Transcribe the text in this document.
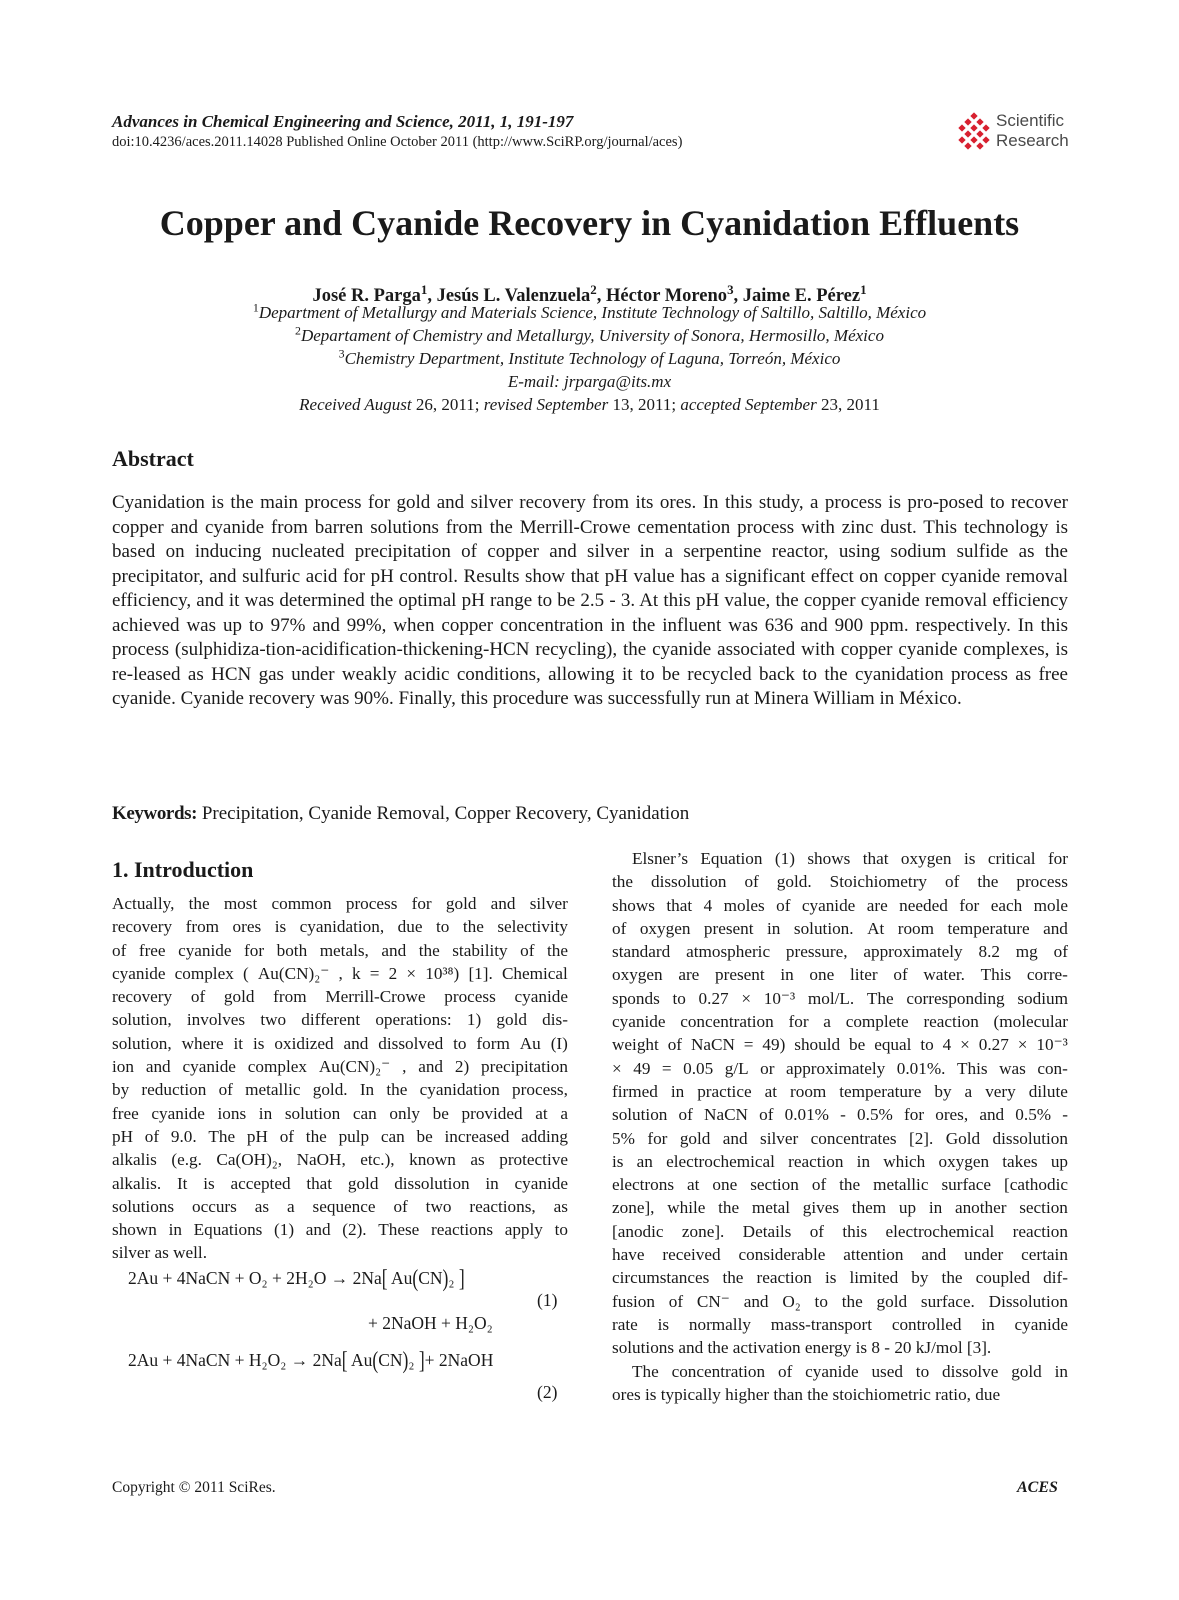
Advances in Chemical Engineering and Science, 2011, 1, 191-197
doi:10.4236/aces.2011.14028 Published Online October 2011 (http://www.SciRP.org/journal/aces)
Scientific
Research
Copper and Cyanide Recovery in Cyanidation Effluents
José R. Parga$^1$, Jesús L. Valenzuela$^2$, Héctor Moreno$^3$, Jaime E. Pérez$^1$
$^1$Department of Metallurgy and Materials Science, Institute Technology of Saltillo, Saltillo, México
$^2$Departament of Chemistry and Metallurgy, University of Sonora, Hermosillo, México
$^3$Chemistry Department, Institute Technology of Laguna, Torreón, México
E-mail: jrparga@its.mx
Received August 26, 2011; revised September 13, 2011; accepted September 23, 2011
Abstract
Cyanidation is the main process for gold and silver recovery from its ores. In this study, a process is pro-posed to recover copper and cyanide from barren solutions from the Merrill-Crowe cementation process with zinc dust. This technology is based on inducing nucleated precipitation of copper and silver in a serpentine reactor, using sodium sulfide as the precipitator, and sulfuric acid for pH control. Results show that pH value has a significant effect on copper cyanide removal efficiency, and it was determined the optimal pH range to be 2.5 - 3. At this pH value, the copper cyanide removal efficiency achieved was up to 97% and 99%, when copper concentration in the influent was 636 and 900 ppm. respectively. In this process (sulphidiza-tion-acidification-thickening-HCN recycling), the cyanide associated with copper cyanide complexes, is re-leased as HCN gas under weakly acidic conditions, allowing it to be recycled back to the cyanidation process as free cyanide. Cyanide recovery was 90%. Finally, this procedure was successfully run at Minera William in México.
Keywords: Precipitation, Cyanide Removal, Copper Recovery, Cyanidation
1. Introduction
Actually, the most common process for gold and silver
recovery from ores is cyanidation, due to the selectivity
of free cyanide for both metals, and the stability of the
cyanide complex ( Au(CN)₂⁻ , k = 2 × 10³⁸) [1]. Chemical
recovery of gold from Merrill-Crowe process cyanide
solution, involves two different operations: 1) gold dis-
solution, where it is oxidized and dissolved to form Au (I)
ion and cyanide complex Au(CN)₂⁻ , and 2) precipitation
by reduction of metallic gold. In the cyanidation process,
free cyanide ions in solution can only be provided at a
pH of 9.0. The pH of the pulp can be increased adding
alkalis (e.g. Ca(OH)₂, NaOH, etc.), known as protective
alkalis. It is accepted that gold dissolution in cyanide
solutions occurs as a sequence of two reactions, as
shown in Equations (1) and (2). These reactions apply to
silver as well.
2Au + 4NaCN + O₂ + 2H₂O → 2Na[ Au(CN)₂ ]
+ 2NaOH + H₂O₂
(1)
2Au + 4NaCN + H₂O₂ → 2Na[ Au(CN)₂ ]+ 2NaOH
(2)
Elsner’s Equation (1) shows that oxygen is critical for
the dissolution of gold. Stoichiometry of the process
shows that 4 moles of cyanide are needed for each mole
of oxygen present in solution. At room temperature and
standard atmospheric pressure, approximately 8.2 mg of
oxygen are present in one liter of water. This corre-
sponds to 0.27 × 10⁻³ mol/L. The corresponding sodium
cyanide concentration for a complete reaction (molecular
weight of NaCN = 49) should be equal to 4 × 0.27 × 10⁻³
× 49 = 0.05 g/L or approximately 0.01%. This was con-
firmed in practice at room temperature by a very dilute
solution of NaCN of 0.01% - 0.5% for ores, and 0.5% -
5% for gold and silver concentrates [2]. Gold dissolution
is an electrochemical reaction in which oxygen takes up
electrons at one section of the metallic surface [cathodic
zone], while the metal gives them up in another section
[anodic zone]. Details of this electrochemical reaction
have received considerable attention and under certain
circumstances the reaction is limited by the coupled dif-
fusion of CN⁻ and O₂ to the gold surface. Dissolution
rate is normally mass-transport controlled in cyanide
solutions and the activation energy is 8 - 20 kJ/mol [3].
The concentration of cyanide used to dissolve gold in
ores is typically higher than the stoichiometric ratio, due
Copyright © 2011 SciRes.	ACES
